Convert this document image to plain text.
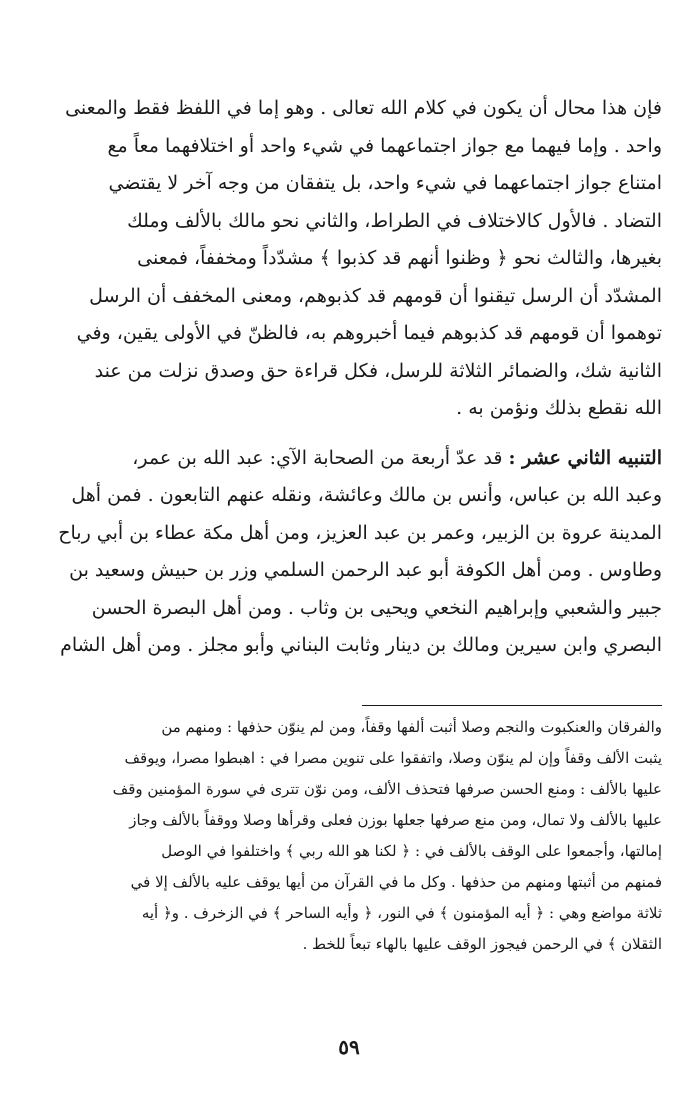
فإن هذا محال أن يكون في كلام الله تعالى . وهو إما في اللفظ فقط والمعنى
واحد . وإما فيهما مع جواز اجتماعهما في شيء واحد أو اختلافهما معاً مع
امتناع جواز اجتماعهما في شيء واحد، بل يتفقان من وجه آخر لا يقتضي
التضاد . فالأول كالاختلاف في الطراط، والثاني نحو مالك بالألف وملك
بغيرها، والثالث نحو ﴿ وظنوا أنهم قد كذبوا ﴾ مشدّداً ومخففاً، فمعنى
المشدّد أن الرسل تيقنوا أن قومهم قد كذبوهم، ومعنى المخفف أن الرسل
توهموا أن قومهم قد كذبوهم فيما أخبروهم به، فالظنّ في الأولى يقين، وفي
الثانية شك، والضمائر الثلاثة للرسل، فكل قراءة حق وصدق نزلت من عند
الله نقطع بذلك ونؤمن به .
التنبيه الثاني عشر : قد عدّ أربعة من الصحابة الآي: عبد الله بن عمر،
وعبد الله بن عباس، وأنس بن مالك وعائشة، ونقله عنهم التابعون . فمن أهل
المدينة عروة بن الزبير، وعمر بن عبد العزيز، ومن أهل مكة عطاء بن أبي رباح
وطاوس . ومن أهل الكوفة أبو عبد الرحمن السلمي وزر بن حبيش وسعيد بن
جبير والشعبي وإبراهيم النخعي ويحيى بن وثاب . ومن أهل البصرة الحسن
البصري وابن سيرين ومالك بن دينار وثابت البناني وأبو مجلز . ومن أهل الشام
والفرقان والعنكبوت والنجم وصلا أثبت ألفها وقفاً، ومن لم ينوّن حذفها : ومنهم من
يثبت الألف وقفاً وإن لم ينوّن وصلا، واتفقوا على تنوين مصرا في : اهبطوا مصرا، ويوقف
عليها بالألف : ومنع الحسن صرفها فتحذف الألف، ومن نوّن تترى في سورة المؤمنين وقف
عليها بالألف ولا تمال، ومن منع صرفها جعلها بوزن فعلى وقرأها وصلا ووقفاً بالألف وجاز
إمالتها، وأجمعوا على الوقف بالألف في : ﴿ لكنا هو الله ربي ﴾ واختلفوا في الوصل
فمنهم من أثبتها ومنهم من حذفها . وكل ما في القرآن من أيها يوقف عليه بالألف إلا في
ثلاثة مواضع وهي : ﴿ أيه المؤمنون ﴾ في النور، ﴿ وأيه الساحر ﴾ في الزخرف . و﴿ أيه
الثقلان ﴾ في الرحمن فيجوز الوقف عليها بالهاء تبعاً للخط .
٥٩
